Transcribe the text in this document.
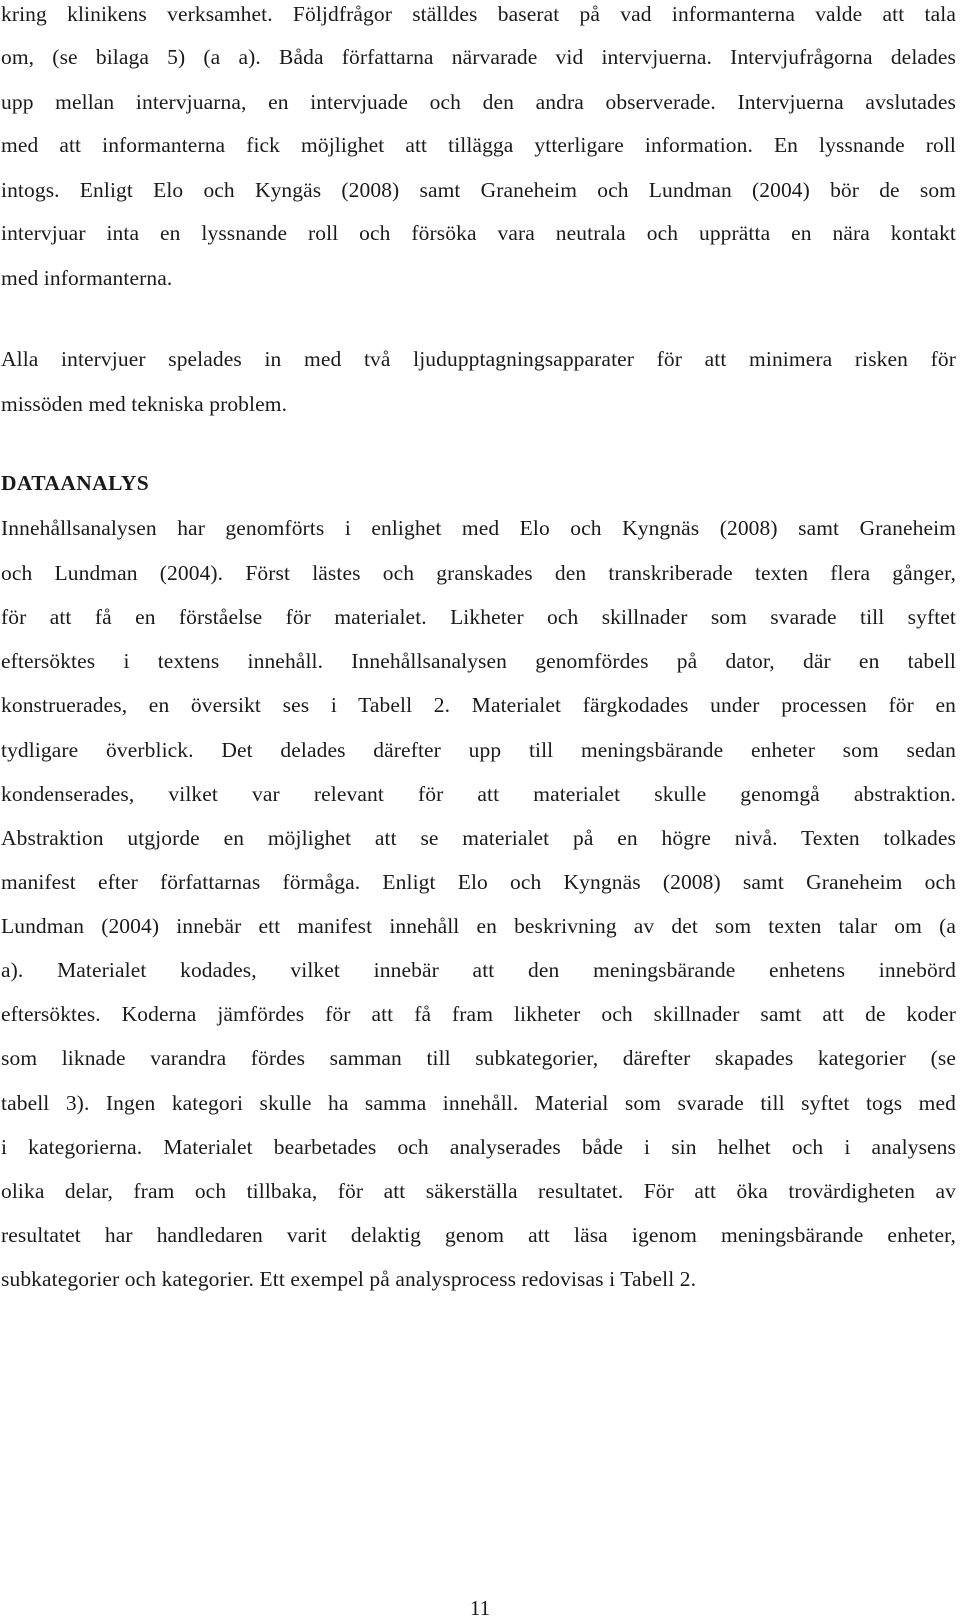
kring klinikens verksamhet. Följdfrågor ställdes baserat på vad informanterna valde att tala
om, (se bilaga 5) (a a). Båda författarna närvarade vid intervjuerna. Intervjufrågorna delades
upp mellan intervjuarna, en intervjuade och den andra observerade. Intervjuerna avslutades
med att informanterna fick möjlighet att tillägga ytterligare information. En lyssnande roll
intogs. Enligt Elo och Kyngäs (2008) samt Graneheim och Lundman (2004) bör de som
intervjuar inta en lyssnande roll och försöka vara neutrala och upprätta en nära kontakt
med informanterna.
Alla intervjuer spelades in med två ljudupptagningsapparater för att minimera risken för
missöden med tekniska problem.
DATAANALYS
Innehållsanalysen har genomförts i enlighet med Elo och Kyngnäs (2008) samt Graneheim
och Lundman (2004). Först lästes och granskades den transkriberade texten flera gånger,
för att få en förståelse för materialet. Likheter och skillnader som svarade till syftet
eftersöktes i textens innehåll. Innehållsanalysen genomfördes på dator, där en tabell
konstruerades, en översikt ses i Tabell 2. Materialet färgkodades under processen för en
tydligare överblick. Det delades därefter upp till meningsbärande enheter som sedan
kondenserades, vilket var relevant för att materialet skulle genomgå abstraktion.
Abstraktion utgjorde en möjlighet att se materialet på en högre nivå. Texten tolkades
manifest efter författarnas förmåga. Enligt Elo och Kyngnäs (2008) samt Graneheim och
Lundman (2004) innebär ett manifest innehåll en beskrivning av det som texten talar om (a
a). Materialet kodades, vilket innebär att den meningsbärande enhetens innebörd
eftersöktes. Koderna jämfördes för att få fram likheter och skillnader samt att de koder
som liknade varandra fördes samman till subkategorier, därefter skapades kategorier (se
tabell 3). Ingen kategori skulle ha samma innehåll. Material som svarade till syftet togs med
i kategorierna. Materialet bearbetades och analyserades både i sin helhet och i analysens
olika delar, fram och tillbaka, för att säkerställa resultatet. För att öka trovärdigheten av
resultatet har handledaren varit delaktig genom att läsa igenom meningsbärande enheter,
subkategorier och kategorier. Ett exempel på analysprocess redovisas i Tabell 2.
11
